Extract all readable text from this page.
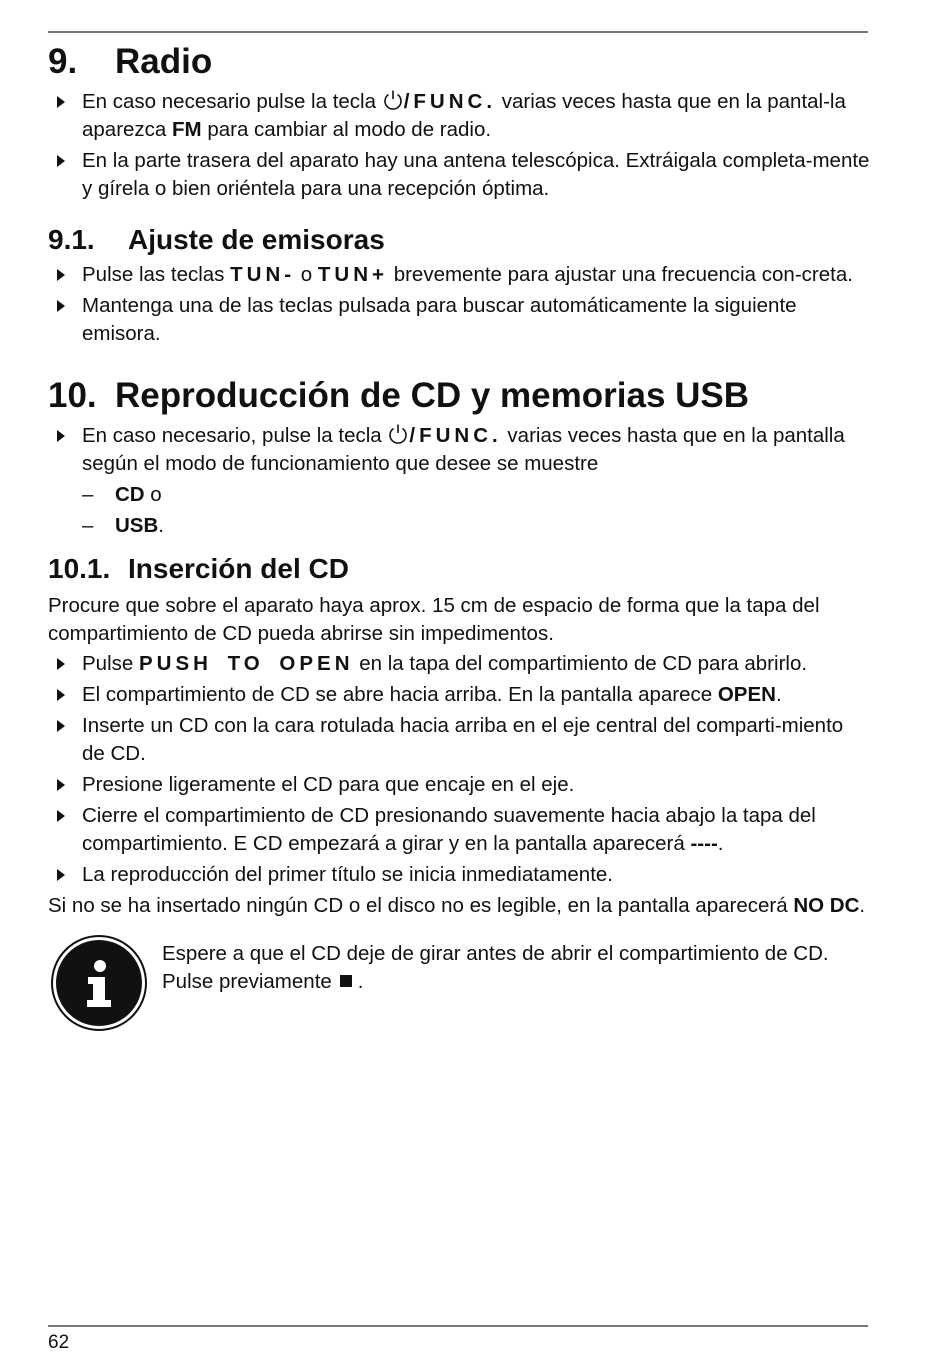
9.	Radio
En caso necesario pulse la tecla /FUNC. varias veces hasta que en la pantal-la aparezca FM para cambiar al modo de radio.
En la parte trasera del aparato hay una antena telescópica. Extráigala completa-mente y gírela o bien oriéntela para una recepción óptima.
9.1.	Ajuste de emisoras
Pulse las teclas TUN- o TUN+ brevemente para ajustar una frecuencia con-creta.
Mantenga una de las teclas pulsada para buscar automáticamente la siguiente emisora.
10. Reproducción de CD y memorias USB
En caso necesario, pulse la tecla /FUNC. varias veces hasta que en la pantalla según el modo de funcionamiento que desee se muestre
–	CD o
–	USB.
10.1. Inserción del CD

Procure que sobre el aparato haya aprox. 15 cm de espacio de forma que la tapa del compartimiento de CD pueda abrirse sin impedimentos.

Pulse PUSH TO OPEN en la tapa del compartimiento de CD para abrirlo.
El compartimiento de CD se abre hacia arriba. En la pantalla aparece OPEN.
Inserte un CD con la cara rotulada hacia arriba en el eje central del comparti-miento de CD.
Presione ligeramente el CD para que encaje en el eje.
Cierre el compartimiento de CD presionando suavemente hacia abajo la tapa del compartimiento. E CD empezará a girar y en la pantalla aparecerá ----.
La reproducción del primer título se inicia inmediatamente.

Si no se ha insertado ningún CD o el disco no es legible, en la pantalla aparecerá NO DC.

Espere a que el CD deje de girar antes de abrir el compartimiento de CD. Pulse previamente .

62
